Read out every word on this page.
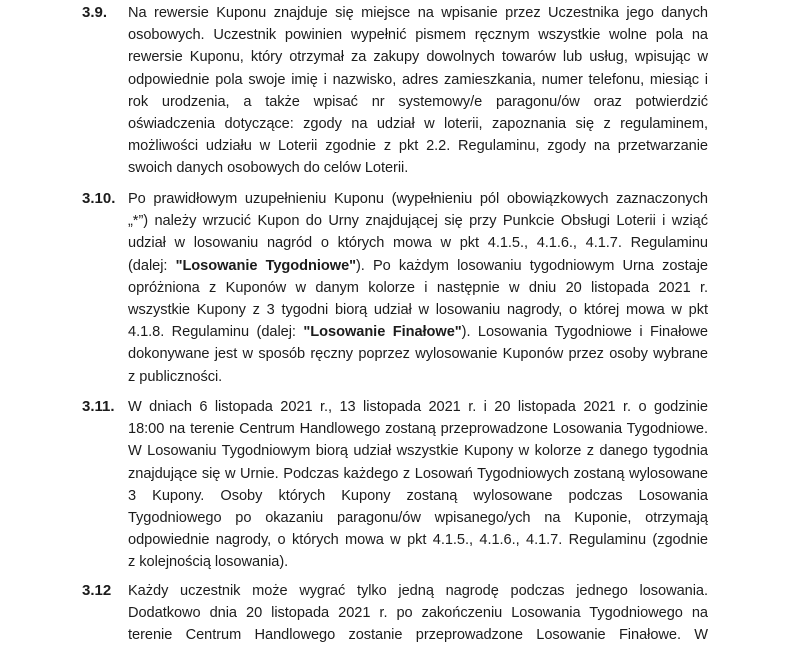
3.9. Na rewersie Kuponu znajduje się miejsce na wpisanie przez Uczestnika jego danych
osobowych. Uczestnik powinien wypełnić pismem ręcznym wszystkie wolne pola na
rewersie Kuponu, który otrzymał za zakupy dowolnych towarów lub usług, wpisując w
odpowiednie pola swoje imię i nazwisko, adres zamieszkania, numer telefonu, miesiąc i
rok urodzenia, a także wpisać nr systemowy/e paragonu/ów oraz potwierdzić
oświadczenia dotyczące: zgody na udział w loterii, zapoznania się z regulaminem,
możliwości udziału w Loterii zgodnie z pkt 2.2. Regulaminu, zgody na przetwarzanie
swoich danych osobowych do celów Loterii.
3.10. Po prawidłowym uzupełnieniu Kuponu (wypełnieniu pól obowiązkowych zaznaczonych
„*”) należy wrzucić Kupon do Urny znajdującej się przy Punkcie Obsługi Loterii i wziąć
udział w losowaniu nagród o których mowa w pkt 4.1.5., 4.1.6., 4.1.7. Regulaminu
(dalej: "Losowanie Tygodniowe"). Po każdym losowaniu tygodniowym Urna zostaje
opróżniona z Kuponów w danym kolorze i następnie w dniu 20 listopada 2021 r.
wszystkie Kupony z 3 tygodni biorą udział w losowaniu nagrody, o której mowa w pkt
4.1.8. Regulaminu (dalej: "Losowanie Finałowe"). Losowania Tygodniowe i Finałowe
dokonywane jest w sposób ręczny poprzez wylosowanie Kuponów przez osoby wybrane
z publiczności.
3.11. W dniach 6 listopada 2021 r., 13 listopada 2021 r. i 20 listopada 2021 r. o godzinie
18:00 na terenie Centrum Handlowego zostaną przeprowadzone Losowania Tygodniowe.
W Losowaniu Tygodniowym biorą udział wszystkie Kupony w kolorze z danego tygodnia
znajdujące się w Urnie. Podczas każdego z Losowań Tygodniowych zostaną wylosowane
3 Kupony. Osoby których Kupony zostaną wylosowane podczas Losowania
Tygodniowego po okazaniu paragonu/ów wpisanego/ych na Kuponie, otrzymają
odpowiednie nagrody, o których mowa w pkt 4.1.5., 4.1.6., 4.1.7. Regulaminu (zgodnie
z kolejnością losowania).
3.12 Każdy uczestnik może wygrać tylko jedną nagrodę podczas jednego losowania.
Dodatkowo dnia 20 listopada 2021 r. po zakończeniu Losowania Tygodniowego na
terenie Centrum Handlowego zostanie przeprowadzone Losowanie Finałowe. W
